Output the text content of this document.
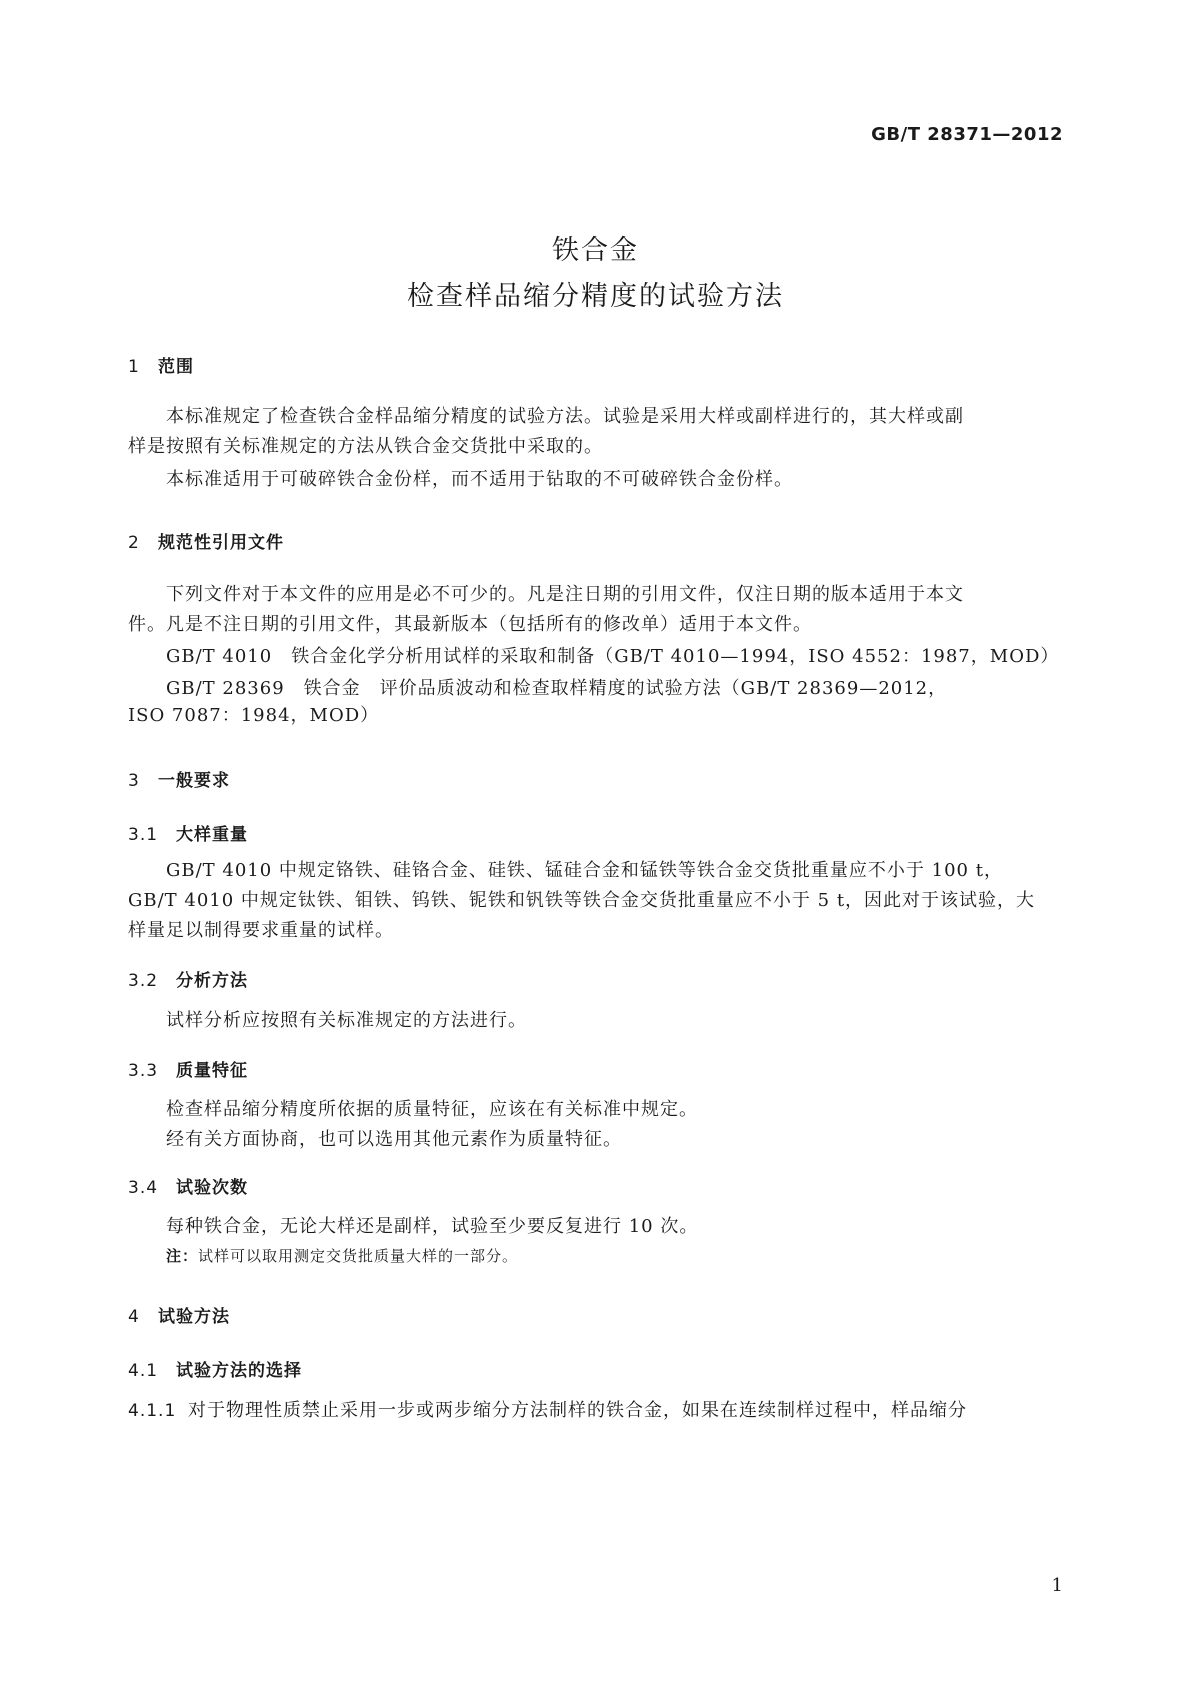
GB/T 28371—2012
铁合金
检查样品缩分精度的试验方法
1 范围
本标准规定了检查铁合金样品缩分精度的试验方法。试验是采用大样或副样进行的，其大样或副
样是按照有关标准规定的方法从铁合金交货批中采取的。
本标准适用于可破碎铁合金份样，而不适用于钻取的不可破碎铁合金份样。
2 规范性引用文件
下列文件对于本文件的应用是必不可少的。凡是注日期的引用文件，仅注日期的版本适用于本文
件。凡是不注日期的引用文件，其最新版本（包括所有的修改单）适用于本文件。
GB/T 4010　铁合金化学分析用试样的采取和制备（GB/T 4010—1994，ISO 4552：1987，MOD）
GB/T 28369　铁合金　评价品质波动和检查取样精度的试验方法（GB/T 28369—2012，
ISO 7087：1984，MOD）
3 一般要求
3.1 大样重量
GB/T 4010 中规定铬铁、硅铬合金、硅铁、锰硅合金和锰铁等铁合金交货批重量应不小于 100 t，
GB/T 4010 中规定钛铁、钼铁、钨铁、铌铁和钒铁等铁合金交货批重量应不小于 5 t，因此对于该试验，大
样量足以制得要求重量的试样。
3.2 分析方法
试样分析应按照有关标准规定的方法进行。
3.3 质量特征
检查样品缩分精度所依据的质量特征，应该在有关标准中规定。
经有关方面协商，也可以选用其他元素作为质量特征。
3.4 试验次数
每种铁合金，无论大样还是副样，试验至少要反复进行 10 次。
注：试样可以取用测定交货批质量大样的一部分。
4 试验方法
4.1 试验方法的选择
4.1.1 对于物理性质禁止采用一步或两步缩分方法制样的铁合金，如果在连续制样过程中，样品缩分
1
